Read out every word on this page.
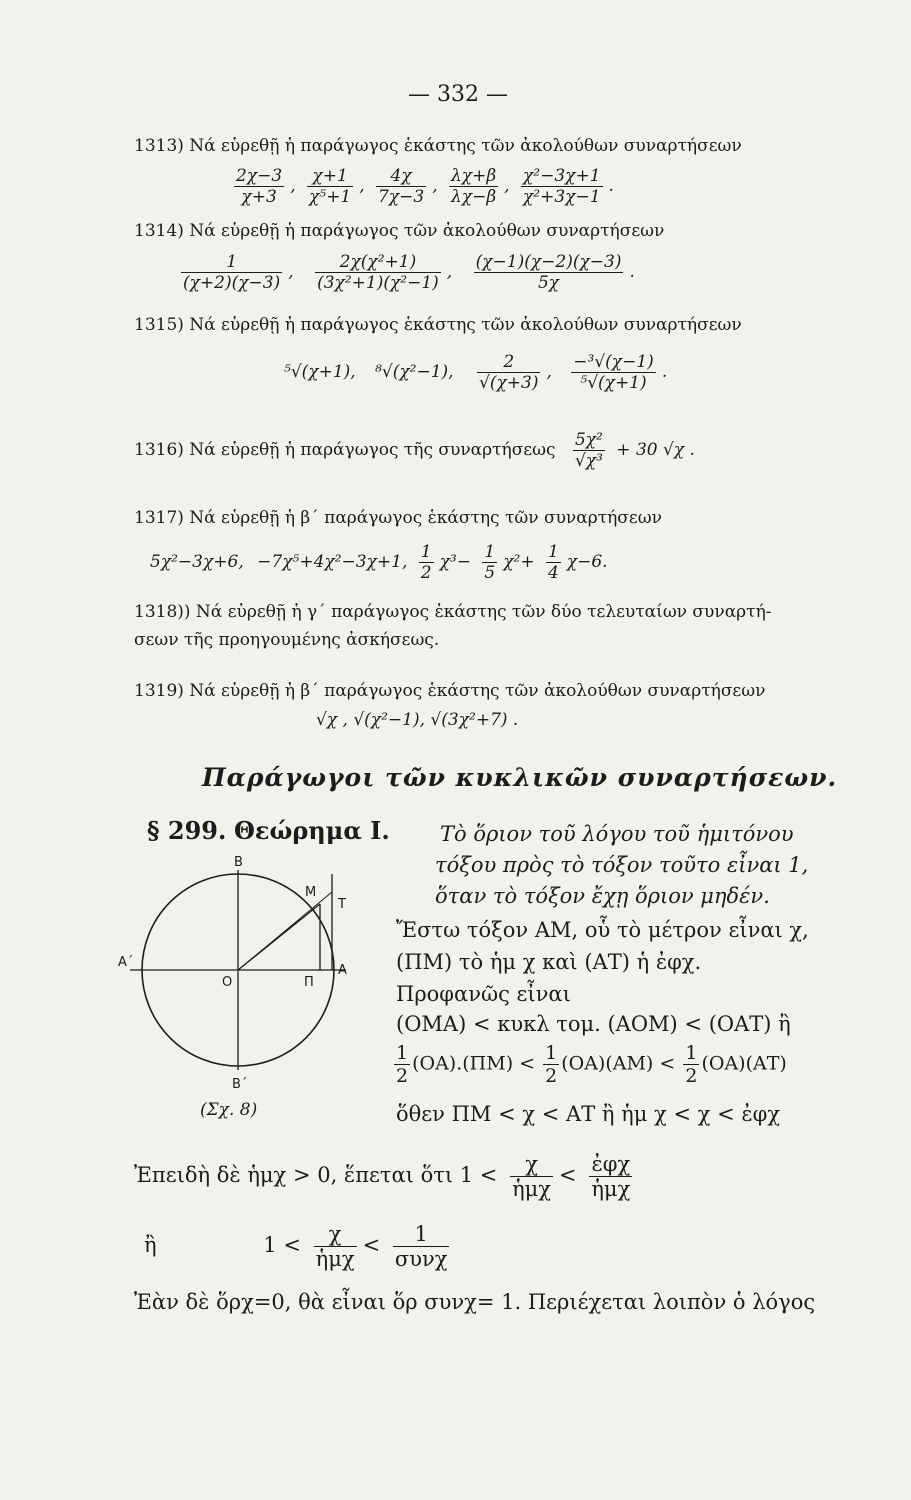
— 332 —
1313) Νά εὑρεθῇ ἡ παράγωγος ἑκάστης τῶν ἀκολούθων συναρτήσεων
$\frac{2\chi-3}{\chi+3}$ , $\frac{\chi+1}{\text{χ⁵+1}}$ , $\frac{4\chi}{7\chi-3}$ , $\frac{\lambda\chi+\beta}{\lambda\chi-\beta}$ , $\frac{\text{χ²−3χ+1}}{\text{χ²+3χ−1}}$ .
1314) Νά εὑρεθῇ ἡ παράγωγος τῶν ἀκολούθων συναρτήσεων
$\frac{1}{(\chi+2)(\chi-3)}$ , $\frac{\text{2χ(χ²+1)}}{\text{(3χ²+1)(χ²−1)}}$ , $\frac{(\chi-1)(\chi-2)(\chi-3)}{5\chi}$ .
1315) Νά εὑρεθῇ ἡ παράγωγος ἑκάστης τῶν ἀκολούθων συναρτήσεων
⁵√(χ+1), ⁸√(χ²−1), $\frac{2}{√(\chi+3)}$ , $\frac{\text{−³√(χ−1)}}{\text{⁵√(χ+1)}}$ .
1316) Νά εὑρεθῇ ἡ παράγωγος τῆς συναρτήσεως $\frac{\text{5χ²}}{\text{√χ³}} + 30$ √χ .
1317) Νά εὑρεθῇ ἡ β΄ παράγωγος ἑκάστης τῶν συναρτήσεων
5χ²−3χ+6, −7χ⁵+4χ²−3χ+1, $\frac{1}{2} \chi^3- \frac{1}{5} \chi^2+ \frac{1}{4} \chi-6$.
1318)) Νά εὑρεθῇ ἡ γ΄ παράγωγος ἑκάστης τῶν δύο τελευταίων συναρτή-
σεων τῆς προηγουμένης ἀσκήσεως.
1319) Νά εὑρεθῇ ἡ β΄ παράγωγος ἑκάστης τῶν ἀκολούθων συναρτήσεων
√χ , √(χ²−1), √(3χ²+7) .
Παράγωγοι τῶν κυκλικῶν συναρτήσεων.
§ 299. Θεώρημα Ι. Τὸ ὅριον τοῦ λόγου τοῦ ἡμιτόνου
τόξου πρὸς τὸ τόξον τοῦτο εἶναι 1,
ὅταν τὸ τόξον ἔχῃ ὅριον μηδέν.
B
M
T
Α΄
O	Π
A
B΄
(Σχ. 8)
Ἔστω τόξον ΑΜ, οὗ τὸ μέτρον εἶναι χ,
(ΠΜ) τὸ ἡμ χ καὶ (ΑΤ) ἡ ἐφχ.
Προφανῶς εἶναι
(ΟΜΑ) < κυκλ τομ. (ΑΟΜ) < (ΟΑΤ) ἢ
$\frac{1}{2} (OA).(\Pi M) < \frac{1}{2} (OA)(AM) < \frac{1}{2} (OA)(AT)$
ὅθεν ΠΜ < χ < ΑΤ ἢ ἡμ χ < χ < ἐφχ
Ἐπειδὴ δὲ ἡμχ > 0, ἕπεται ὅτι 1 <	χ
ἡμχ
< ἐφχ
ἡμχ
ἢ	1 <	χ
ἡμχ
<	1
συνχ
Ἐὰν δὲ ὅρχ=0, θὰ εἶναι ὅρ συνχ= 1. Περιέχεται λοιπὸν ὁ λόγος
